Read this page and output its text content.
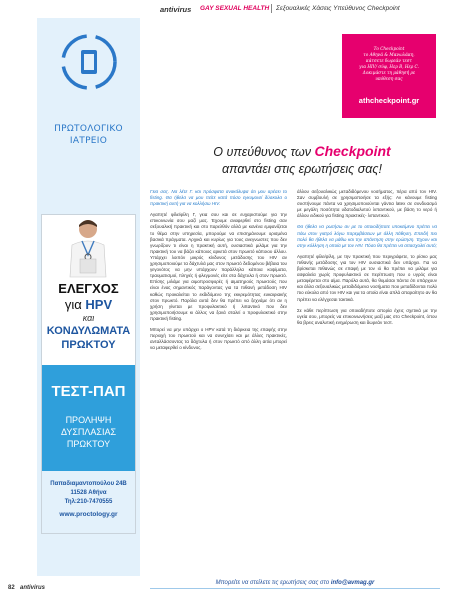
antivirus GAY SEXUAL HEALTH Σεξουαλικές Χάσεις Υπεύθυνος Checkpoint
ΠΡΩΤΟΛΟΓΙΚΟ
ΙΑΤΡΕΙΟ
ΕΛΕΓΧΟΣ
για HPV
και
ΚΟΝΔΥΛΩΜΑΤΑ
ΠΡΩΚΤΟΥ
ΤΕΣΤ-ΠΑΠ
ΠΡΟΛΗΨΗ
ΔΥΣΠΛΑΣΙΑΣ
ΠΡΩΚΤΟΥ
Παπαδιαμαντοπούλου 24Β
11528 Αθήνα
Τηλ:210-7470555
www.proctology.gr
Το Checkpoint
το Αθηνά & Μανωλάκη,
κάτσετε δωρεάν τεστ
για HIV/ σύφ, Ηερ Β, Ηερ C.
Δοκιμάστε τη μάθησή ρε
υπόθεση σας
athcheckpoint.gr
Ο υπεύθυνος των Checkpoint
απαντάει στις ερωτήσεις σας!

Γεια σας. Να λέτε Γ. και πρόσφατα ανακάλυψα ότι μου αρέσει το fisting. Θα ήθελα να μου πείτε κατά πόσο εγκυμονεί δύσκολα ο πρακτική αυτή για να κολλήσω HIV.

Αγαπητέ φίλε/φίλη Γ, γεια σου και σε ευχαριστούμε για την επικοινωνία σου μαζί μας. Έχουμε αναφερθεί στο fisting σαν σεξουαλική πρακτική και στο παρελθόν αλλά με κανένα εμφανίζεται το θέμα στην υπηρεσία, μπορούμε να επισημάνουμε ορισμένα βασικά πράγματα. Αρχικά και κυρίως για τους ανεγνωστες που δεν γνωρίζουν τι είναι η πρακτική αυτή, ουσιαστικά μιλάμε για την πρακτική του να βάζει κάποιος αρκετά στον πρωκτό κάποιου άλλου. Υπάρχει λοιπόν μικρός κίνδυνος μετάδοσης του HIV αν χρησιμοποιούμε τα δάχτυλά μας στον πρωκτό δεδομένου βέβαια του γεγονότος να μην υπάρχουν παράλληλα κάποια κοψίματα, τραυματισμοί, πληγές ή φλεγμονές είτε στα δάχτυλα ή στον πρωκτό. Επίσης μιλάμε για αιμοπροσφορές ή αιματηρούς πρωκτούς που είναι ένας σημαντικός παράγοντας για τα πιθανή μετάδοση HIV καθώς προκαλείται το εκδιδόμενο της εκκρεμότητας ευκαιριακής στον πρωκτό. Παρόλα αυτά δεν θα πρέπει να ξεχνάμε ότι αν η χρήση γίνεται με προφυλακτικό ή λιπαντικό που δεν χρησιμοποιήσουμε κι άλλος να ξανά σταλεί ο προφυλακτικό στην πρακτική fisting.

Μπορεί να μην υπάρχει ο HPV κατά τη διάρκεια της επαφής στην περιοχή του πρωκτού και να συνεχίσει και με άλλες πρακτικές, ανταλλάσσοντας τα δάχτυλα ή στον πρωκτό από άλλη αιτία μπορεί να μεταφερθεί ο κίνδυνος.

άλλου σεξουαλικώς μεταδιδόμενου νοσήματος, πέρα από τον HIV. Σαν συμβουλή σε χρησιμοποιήσε τα εξής: Αν κάνουμε fisting συστήνουμε πάντα να χρησιμοποιούνται γάντια latex σε συνδυασμό με μεγάλη ποσότητα υδατοδιαλυτού λιπαντικού, με βάση το νερό ή άλλου ειδικού για fisting πρακτικές- λιπαντικού.

Θα ήθελα να ρωτήσω αν με το οποιοδήποτε υποκείμενο πρέπει να πάω στον γιατρό λόγω παρεμβάσεων με άλλη πάθηση. Επειδή πιο πολύ θα ήθελα να μάθω και την απάντηση στην ερώτηση. Έχουν και στην κόλληση η οποία με τον HIV. Πόσο θα πρέπει να απασχολεί αυτό;

Αγαπητέ φίλε/φίλη, με την πρακτική που περιγράφετε, το ρίσκο μας πιθανής μετάδοσης για τον HIV ουσιαστικά δεν υπάρχει. Για να βρίσκεται πιθανώς σε επαφή με τον ιό θα πρέπει να μιλάμε για ασφαλεία χωρίς προφυλακτικό σε περίπτωση που ο υγρός είναι μεταφέρεται στο αίμα. Παρόλα αυτά, θα θυμάσαι πάντα ότι υπάρχουν και άλλα σεξουαλικώς μεταδιδόμενα νοσήματα που μεταδίδονται πολύ πιο εύκολα από τον HIV και για τα οποία είναι απλά απαραίτητο αν θα πρέπει να ελέγχεσαι τακτικά.

Σε κάθε περίπτωση για οποιαδήποτε απορία έχεις σχετικά με την υγεία σου, μπορείς να επικοινωνήσεις μαζί μας στο Checkpoint, όπου θα βρεις αναλυτική ενημέρωση και δωρεάν τεστ.

Μπορείτε να στείλετε τις ερωτήσεις σας στο info@avmag.gr
82 antivirus
